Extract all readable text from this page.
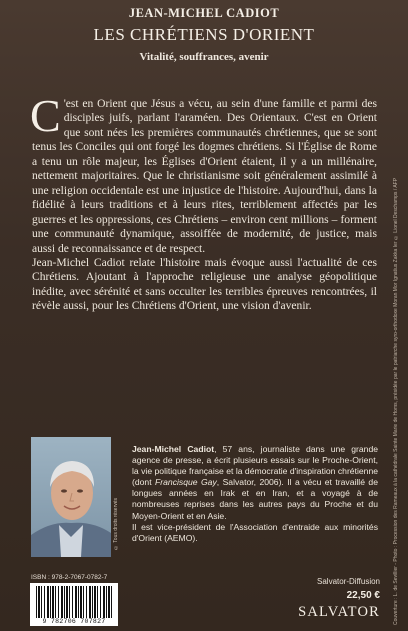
JEAN-MICHEL CADIOT
LES CHRÉTIENS D'ORIENT
Vitalité, souffrances, avenir

C 'est en Orient que Jésus a vécu, au sein d'une famille et parmi des disciples juifs, parlant l'araméen. Des Orientaux. C'est en Orient que sont nées les premières communautés chrétiennes, que se sont tenus les Conciles qui ont forgé les dogmes chrétiens. Si l'Église de Rome a tenu un rôle majeur, les Églises d'Orient étaient, il y a un millénaire, nettement majoritaires. Que le christianisme soit généralement assimilé à une religion occidentale est une injustice de l'histoire. Aujourd'hui, dans la fidélité à leurs traditions et à leurs rites, terriblement affectés par les guerres et les oppressions, ces Chrétiens – environ cent millions – forment une communauté dynamique, assoiffée de modernité, de justice, mais aussi de reconnaissance et de respect.

Jean-Michel Cadiot relate l'histoire mais évoque aussi l'actualité de ces Chrétiens. Ajoutant à l'approche religieuse une analyse géopolitique inédite, avec sérénité et sans occulter les terribles épreuves rencontrées, il révèle aussi, pour les Chrétiens d'Orient, une vision d'avenir.

© Tous droits réservés

Jean-Michel Cadiot, 57 ans, journaliste dans une grande agence de presse, a écrit plusieurs essais sur le Proche-Orient, la vie politique française et la démocratie d'inspiration chrétienne (dont Francisque Gay, Salvator, 2006). Il a vécu et travaillé de longues années en Irak et en Iran, et a voyagé à de nombreuses reprises dans les autres pays du Proche et du Moyen-Orient et en Asie.

Il est vice-président de l'Association d'entraide aux minorités d'Orient (AEMO).

ISBN : 978-2-7067-0782-7
9 782706 707827
Salvator-Diffusion
22,50 €
SALVATOR	Couverture : L. de Sevillier - Photo : Procession des Rameaux à la cathédrale Sainte Marie de Homs, présidée par le patriarche syro-orthodoxe Moran Mor Ignatius Zakka Ier © Lionel Deschamps / AFP
